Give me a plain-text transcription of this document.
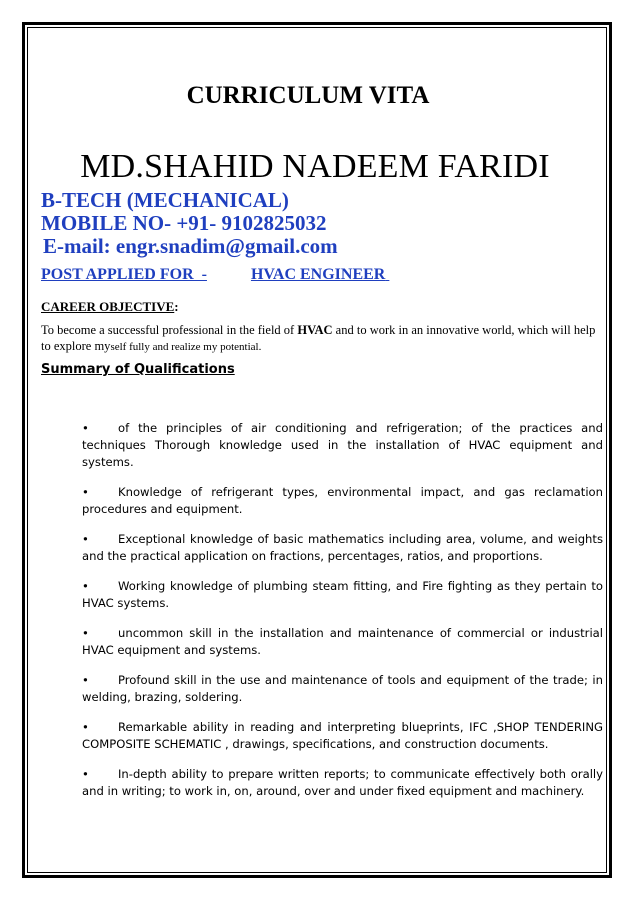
CURRICULUM VITA
MD.SHAHID NADEEM FARIDI
B-TECH (MECHANICAL)
MOBILE NO- +91- 9102825032
E-mail: engr.snadim@gmail.com
POST APPLIED FOR  -	HVAC ENGINEER
CAREER OBJECTIVE:
To become a successful professional in the field of HVAC and to work in an innovative world, which will help to explore myself fully and realize my potential.
Summary of Qualifications
•	of the principles of air conditioning and refrigeration; of the practices and techniques Thorough knowledge used in the installation of HVAC equipment and systems.
•	Knowledge of refrigerant types, environmental impact, and gas reclamation procedures and equipment.
•	Exceptional knowledge of basic mathematics including area, volume, and weights and the practical application on fractions, percentages, ratios, and proportions.
•	Working knowledge of plumbing steam fitting, and Fire fighting as they pertain to HVAC systems.
•	uncommon skill in the installation and maintenance of commercial or industrial HVAC equipment and systems.
•	Profound skill in the use and maintenance of tools and equipment of the trade; in welding, brazing, soldering.
•	Remarkable ability in reading and interpreting blueprints, IFC ,SHOP TENDERING COMPOSITE SCHEMATIC , drawings, specifications, and construction documents.
•	In-depth ability to prepare written reports; to communicate effectively both orally and in writing; to work in, on, around, over and under fixed equipment and machinery.
